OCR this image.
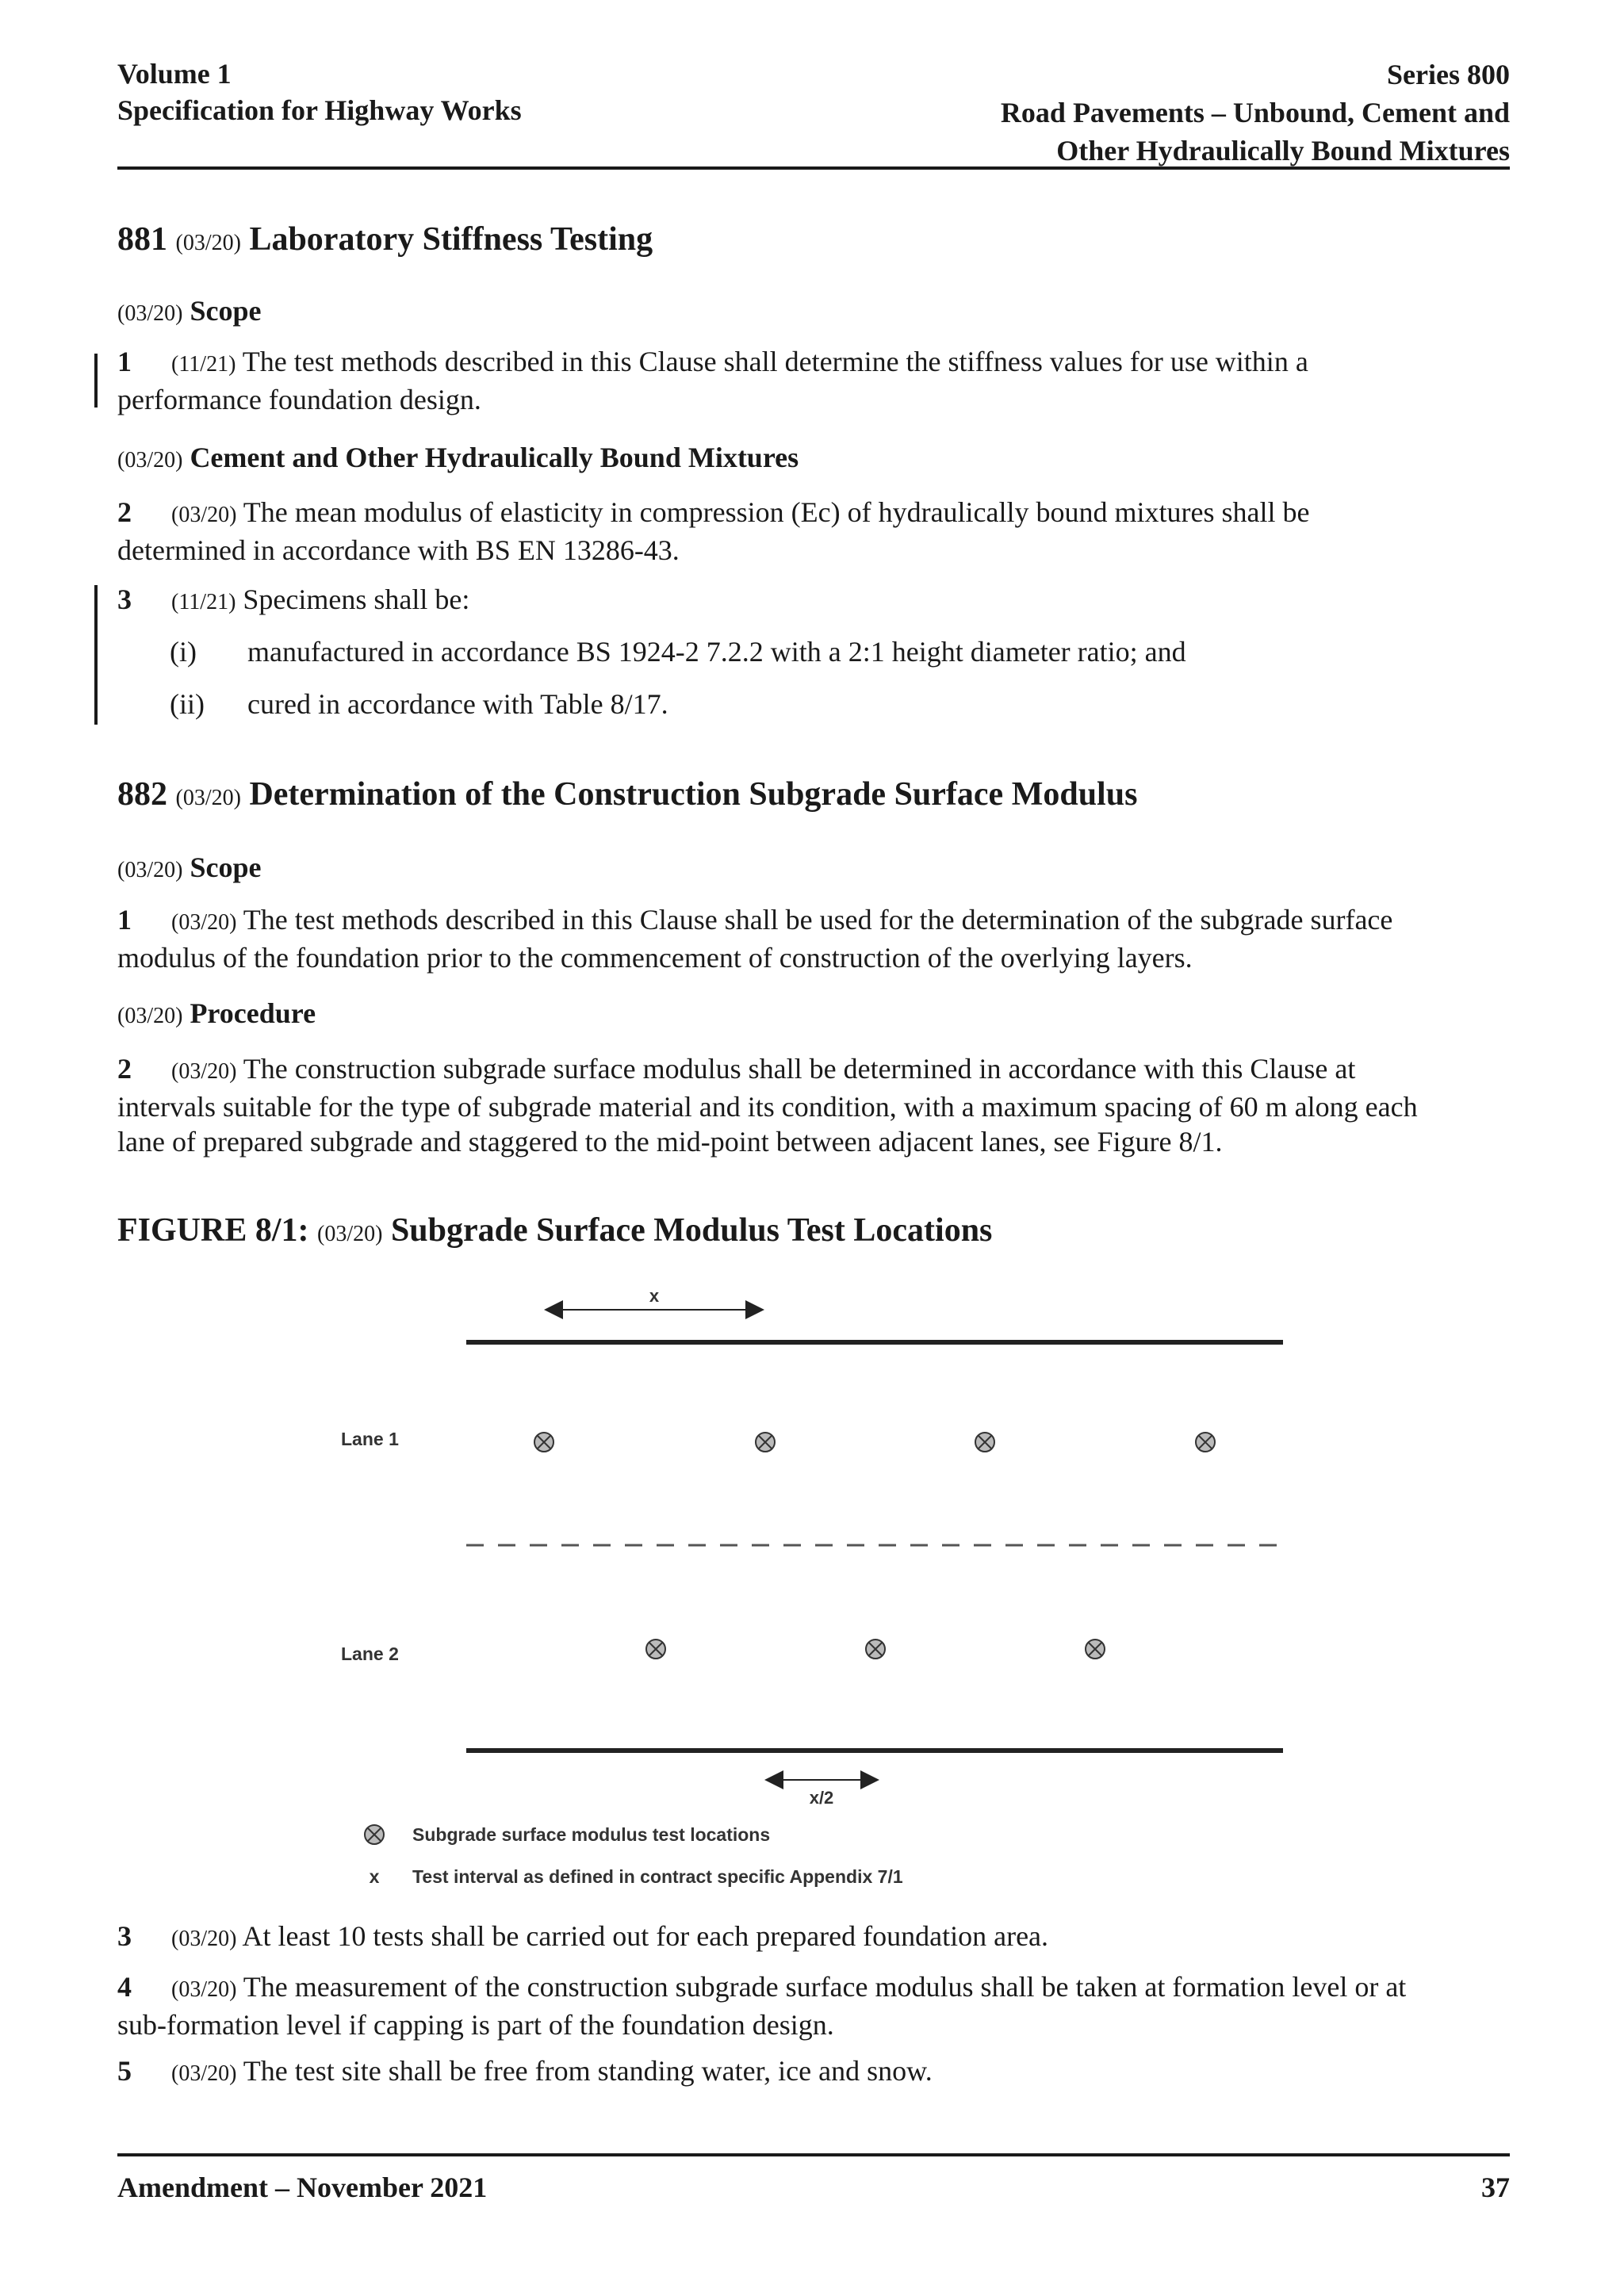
Volume 1
Specification for Highway Works
Series 800
Road Pavements – Unbound, Cement and
Other Hydraulically Bound Mixtures
881 (03/20) Laboratory Stiffness Testing
(03/20) Scope
1 (11/21) The test methods described in this Clause shall determine the stiffness values for use within a
performance foundation design.
(03/20) Cement and Other Hydraulically Bound Mixtures
2 (03/20) The mean modulus of elasticity in compression (Ec) of hydraulically bound mixtures shall be
determined in accordance with BS EN 13286-43.
3 (11/21) Specimens shall be:
(i) manufactured in accordance BS 1924-2 7.2.2 with a 2:1 height diameter ratio; and
(ii) cured in accordance with Table 8/17.
882 (03/20) Determination of the Construction Subgrade Surface Modulus
(03/20) Scope
1 (03/20) The test methods described in this Clause shall be used for the determination of the subgrade surface
modulus of the foundation prior to the commencement of construction of the overlying layers.
(03/20) Procedure
2 (03/20) The construction subgrade surface modulus shall be determined in accordance with this Clause at
intervals suitable for the type of subgrade material and its condition, with a maximum spacing of 60 m along each
lane of prepared subgrade and staggered to the mid-point between adjacent lanes, see Figure 8/1.
FIGURE 8/1: (03/20) Subgrade Surface Modulus Test Locations
x
Lane 1
Lane 2
x/2
Subgrade surface modulus test locations
x Test interval as defined in contract specific Appendix 7/1
3 (03/20) At least 10 tests shall be carried out for each prepared foundation area.
4 (03/20) The measurement of the construction subgrade surface modulus shall be taken at formation level or at
sub-formation level if capping is part of the foundation design.
5 (03/20) The test site shall be free from standing water, ice and snow.
Amendment – November 2021	37
